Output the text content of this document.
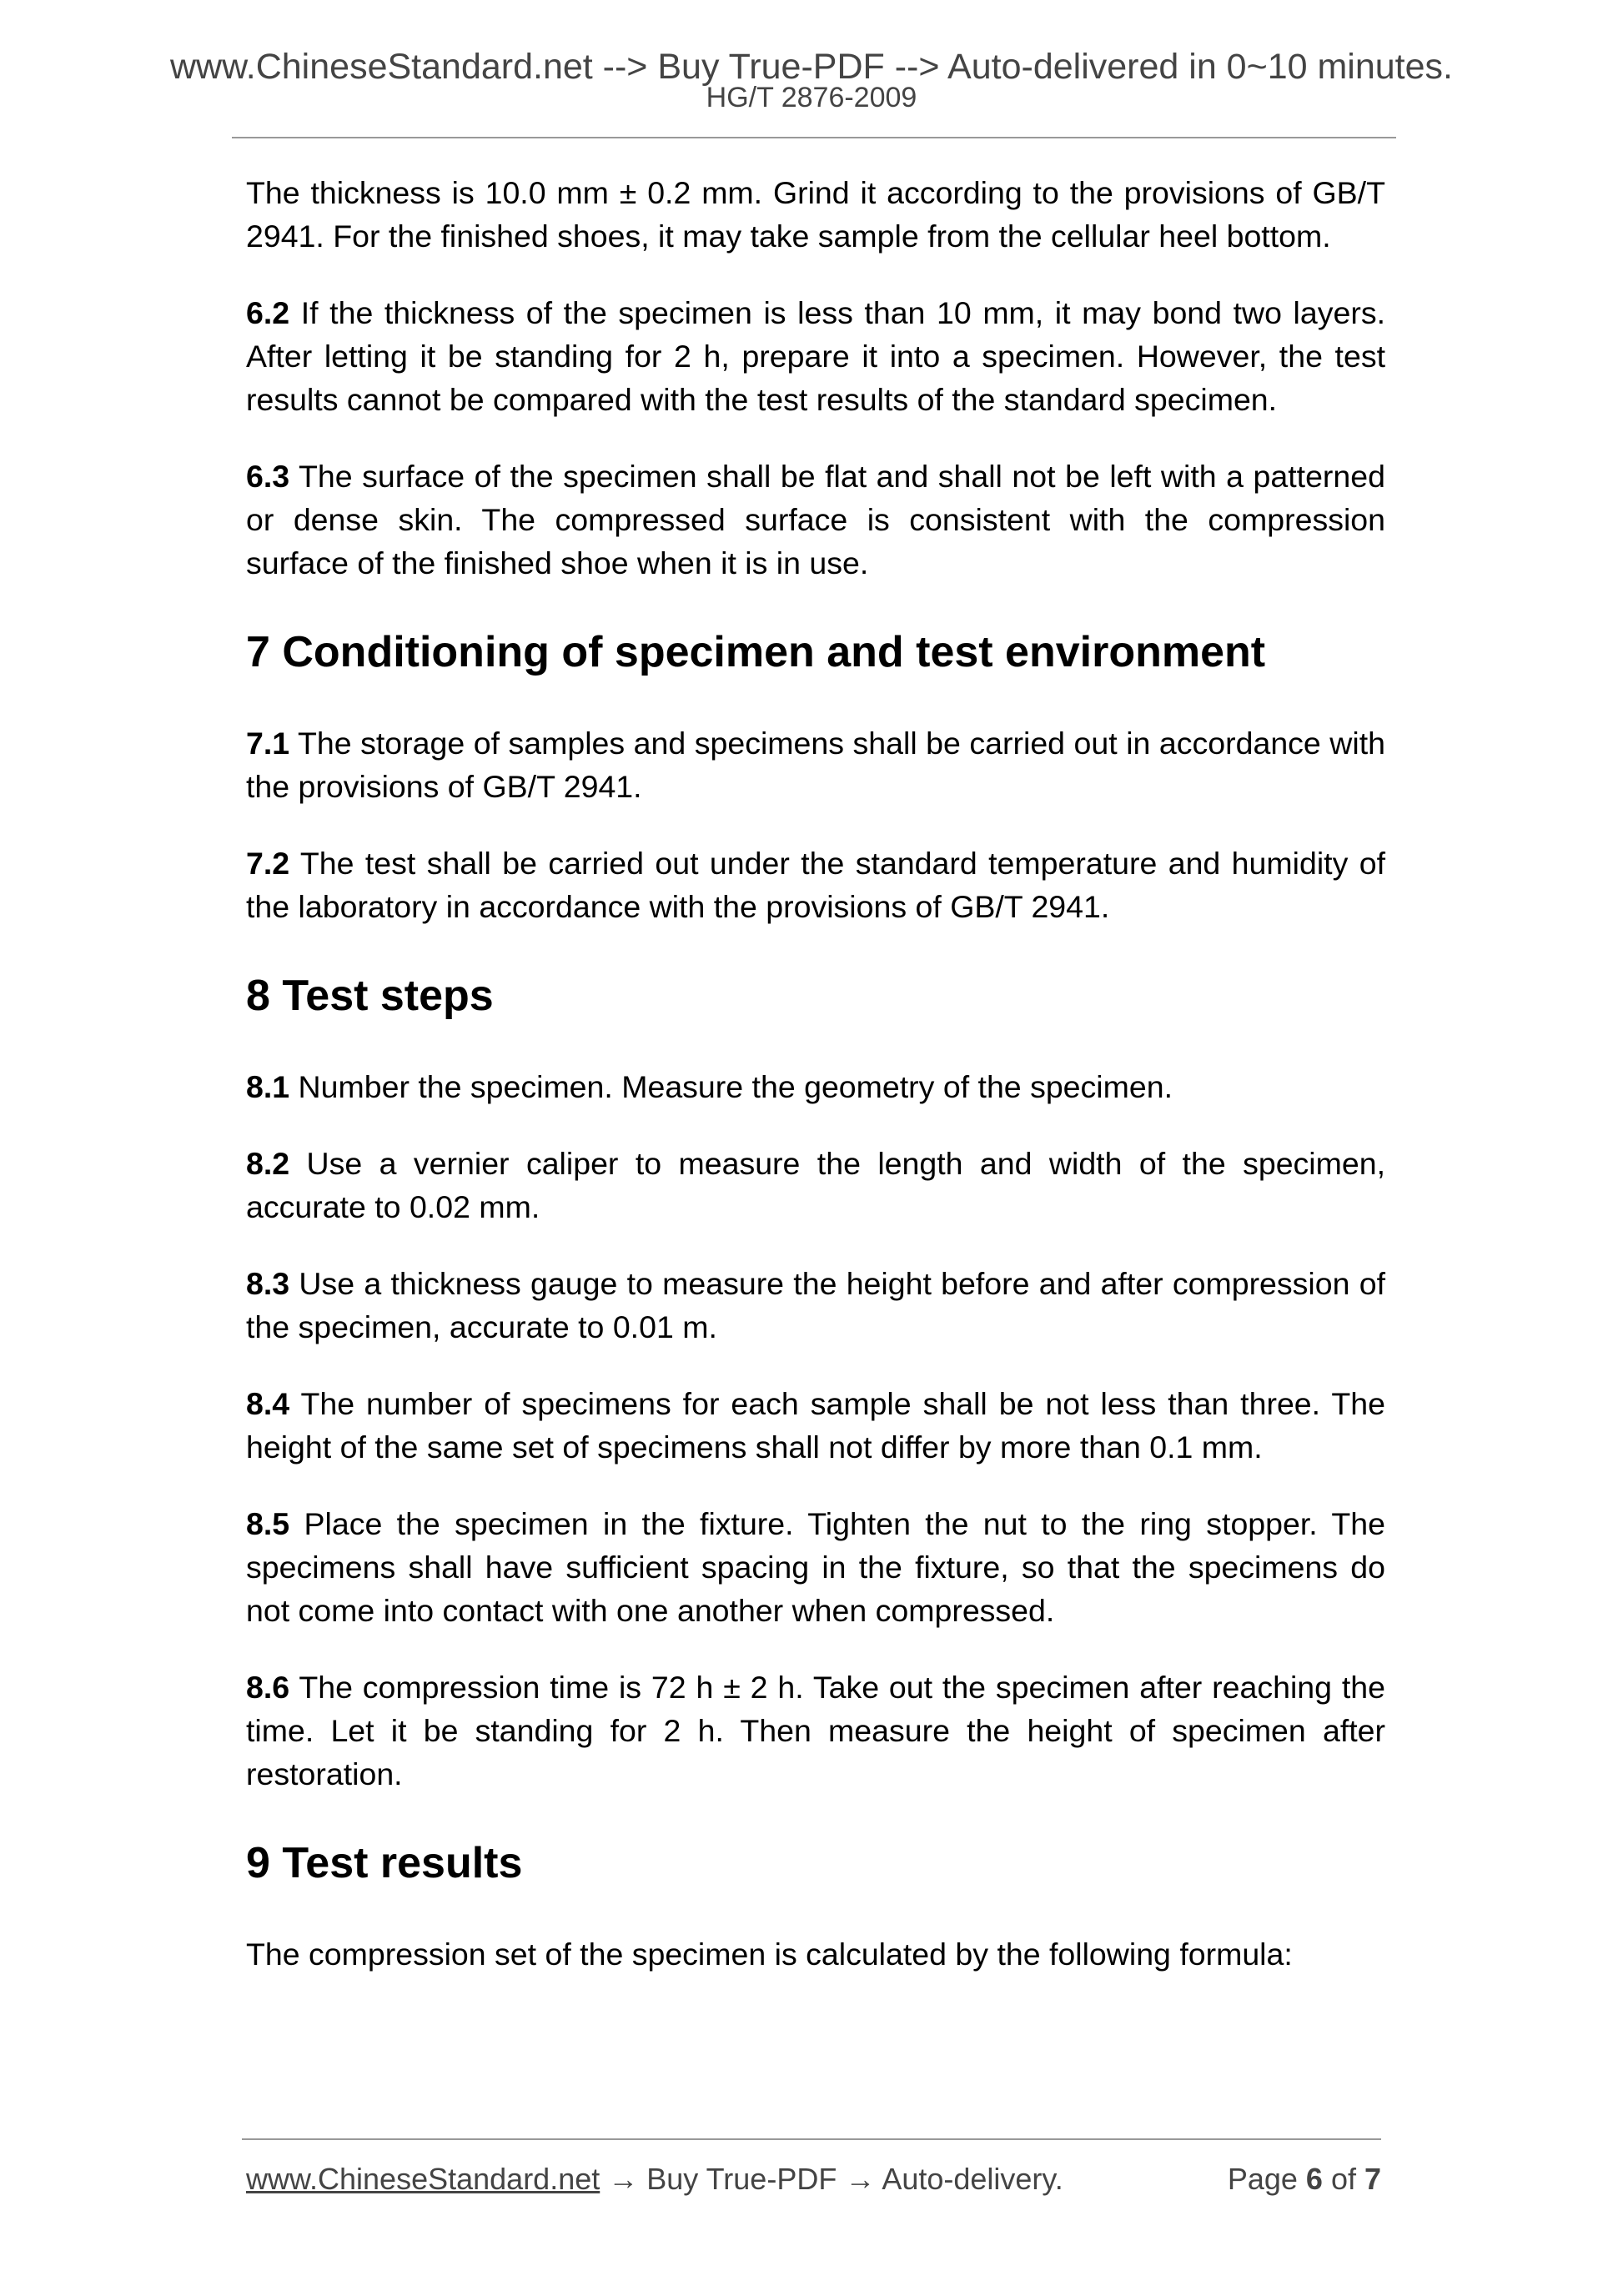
www.ChineseStandard.net --> Buy True-PDF --> Auto-delivered in 0~10 minutes.
HG/T 2876-2009

The thickness is 10.0 mm ± 0.2 mm. Grind it according to the provisions of GB/T 2941. For the finished shoes, it may take sample from the cellular heel bottom.

6.2 If the thickness of the specimen is less than 10 mm, it may bond two layers. After letting it be standing for 2 h, prepare it into a specimen. However, the test results cannot be compared with the test results of the standard specimen.

6.3 The surface of the specimen shall be flat and shall not be left with a patterned or dense skin. The compressed surface is consistent with the compression surface of the finished shoe when it is in use.

7 Conditioning of specimen and test environment

7.1 The storage of samples and specimens shall be carried out in accordance with the provisions of GB/T 2941.

7.2 The test shall be carried out under the standard temperature and humidity of the laboratory in accordance with the provisions of GB/T 2941.

8 Test steps

8.1 Number the specimen. Measure the geometry of the specimen.

8.2 Use a vernier caliper to measure the length and width of the specimen, accurate to 0.02 mm.

8.3 Use a thickness gauge to measure the height before and after compression of the specimen, accurate to 0.01 m.

8.4 The number of specimens for each sample shall be not less than three. The height of the same set of specimens shall not differ by more than 0.1 mm.

8.5 Place the specimen in the fixture. Tighten the nut to the ring stopper. The specimens shall have sufficient spacing in the fixture, so that the specimens do not come into contact with one another when compressed.

8.6 The compression time is 72 h ± 2 h. Take out the specimen after reaching the time. Let it be standing for 2 h. Then measure the height of specimen after restoration.

9 Test results

The compression set of the specimen is calculated by the following formula:

www.ChineseStandard.net → Buy True-PDF → Auto-delivery.	Page 6 of 7
